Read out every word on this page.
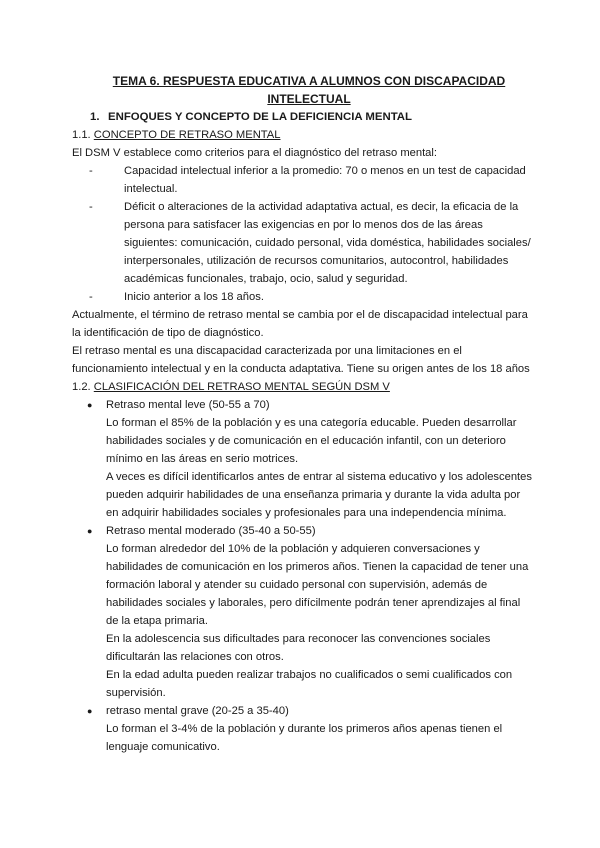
TEMA 6. RESPUESTA EDUCATIVA A ALUMNOS CON DISCAPACIDAD INTELECTUAL
1. ENFOQUES Y CONCEPTO DE LA DEFICIENCIA MENTAL
1.1. CONCEPTO DE RETRASO MENTAL

El DSM V establece como criterios para el diagnóstico del retraso mental:

-	Capacidad intelectual inferior a la promedio: 70 o menos en un test de capacidad intelectual.
-	Déficit o alteraciones de la actividad adaptativa actual, es decir, la eficacia de la persona para satisfacer las exigencias en por lo menos dos de las áreas siguientes: comunicación, cuidado personal, vida doméstica, habilidades sociales/ interpersonales, utilización de recursos comunitarios, autocontrol, habilidades académicas funcionales, trabajo, ocio, salud y seguridad.
-	Inicio anterior a los 18 años.

Actualmente, el término de retraso mental se cambia por el de discapacidad intelectual para la identificación de tipo de diagnóstico.

El retraso mental es una discapacidad caracterizada por una limitaciones en el funcionamiento intelectual y en la conducta adaptativa. Tiene su origen antes de los 18 años

1.2. CLASIFICACIÓN DEL RETRASO MENTAL SEGÚN DSM V
● Retraso mental leve (50-55 a 70)

Lo forman el 85% de la población y es una categoría educable. Pueden desarrollar habilidades sociales y de comunicación en el educación infantil, con un deterioro mínimo en las áreas en serio motrices.

A veces es difícil identificarlos antes de entrar al sistema educativo y los adolescentes pueden adquirir habilidades de una enseñanza primaria y durante la vida adulta por en adquirir habilidades sociales y profesionales para una independencia mínima.

● Retraso mental moderado (35-40 a 50-55)

Lo forman alrededor del 10% de la población y adquieren conversaciones y habilidades de comunicación en los primeros años. Tienen la capacidad de tener una formación laboral y atender su cuidado personal con supervisión, además de habilidades sociales y laborales, pero difícilmente podrán tener aprendizajes al final de la etapa primaria.

En la adolescencia sus dificultades para reconocer las convenciones sociales dificultarán las relaciones con otros.

En la edad adulta pueden realizar trabajos no cualificados o semi cualificados con supervisión.

● retraso mental grave (20-25 a 35-40)

Lo forman el 3-4% de la población y durante los primeros años apenas tienen el lenguaje comunicativo.
